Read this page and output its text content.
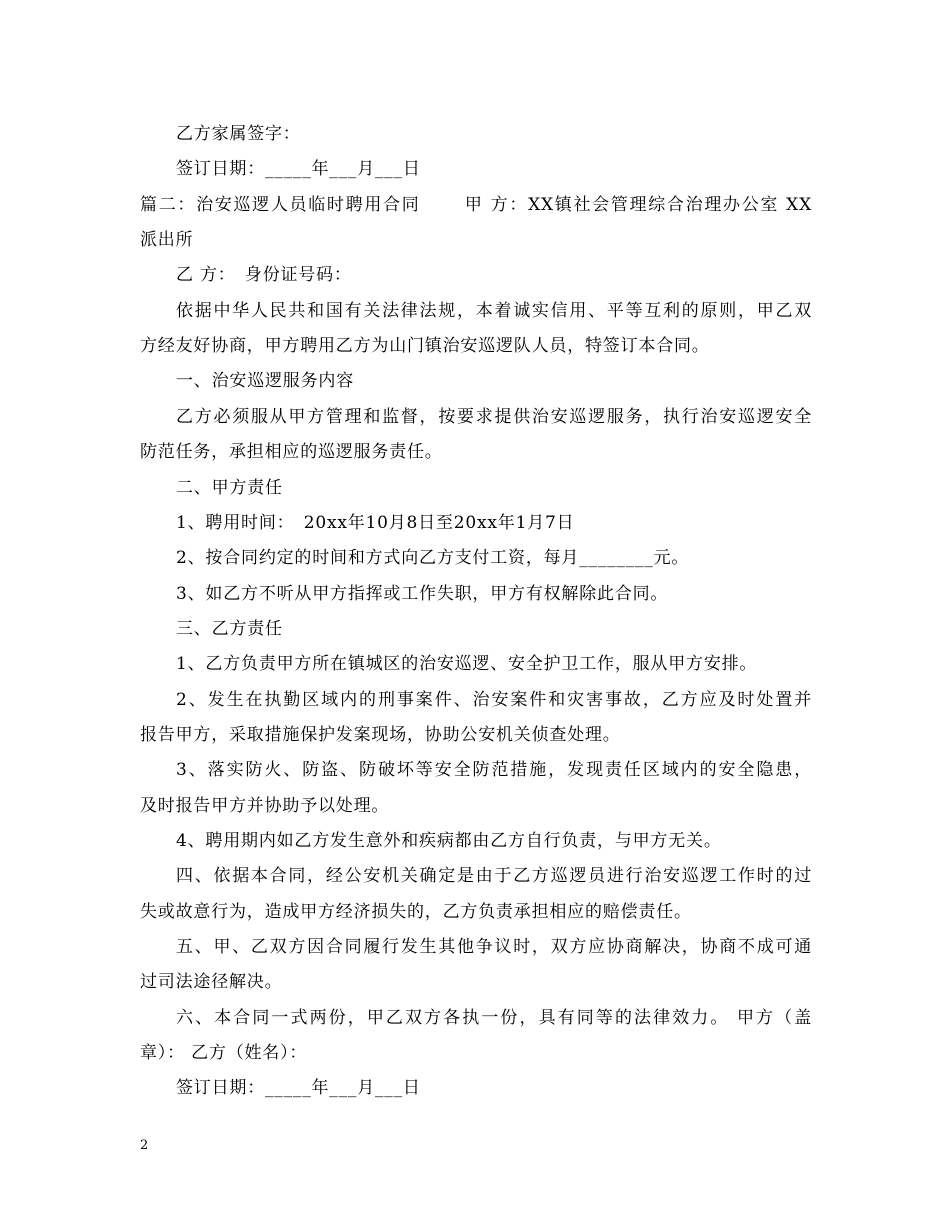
乙方家属签字：
签订日期：_____年___月___日
篇二：治安巡逻人员临时聘用合同　　 甲 方：XX镇社会管理综合治理办公室 XX
派出所
乙 方：　身份证号码：
依据中华人民共和国有关法律法规，本着诚实信用、平等互利的原则，甲乙双
方经友好协商，甲方聘用乙方为山门镇治安巡逻队人员，特签订本合同。
一、治安巡逻服务内容
乙方必须服从甲方管理和监督，按要求提供治安巡逻服务，执行治安巡逻安全
防范任务，承担相应的巡逻服务责任。
二、甲方责任
1、聘用时间：　20xx年10月8日至20xx年1月7日
2、按合同约定的时间和方式向乙方支付工资，每月________元。
3、如乙方不听从甲方指挥或工作失职，甲方有权解除此合同。
三、乙方责任
1、乙方负责甲方所在镇城区的治安巡逻、安全护卫工作，服从甲方安排。
2、发生在执勤区域内的刑事案件、治安案件和灾害事故，乙方应及时处置并
报告甲方，采取措施保护发案现场，协助公安机关侦查处理。
3、落实防火、防盗、防破坏等安全防范措施，发现责任区域内的安全隐患，
及时报告甲方并协助予以处理。
4、聘用期内如乙方发生意外和疾病都由乙方自行负责，与甲方无关。
四、依据本合同，经公安机关确定是由于乙方巡逻员进行治安巡逻工作时的过
失或故意行为，造成甲方经济损失的，乙方负责承担相应的赔偿责任。
五、甲、乙双方因合同履行发生其他争议时，双方应协商解决，协商不成可通
过司法途径解决。
六、本合同一式两份，甲乙双方各执一份，具有同等的法律效力。 甲方（盖
章）： 乙方（姓名）：
签订日期：_____年___月___日
2
